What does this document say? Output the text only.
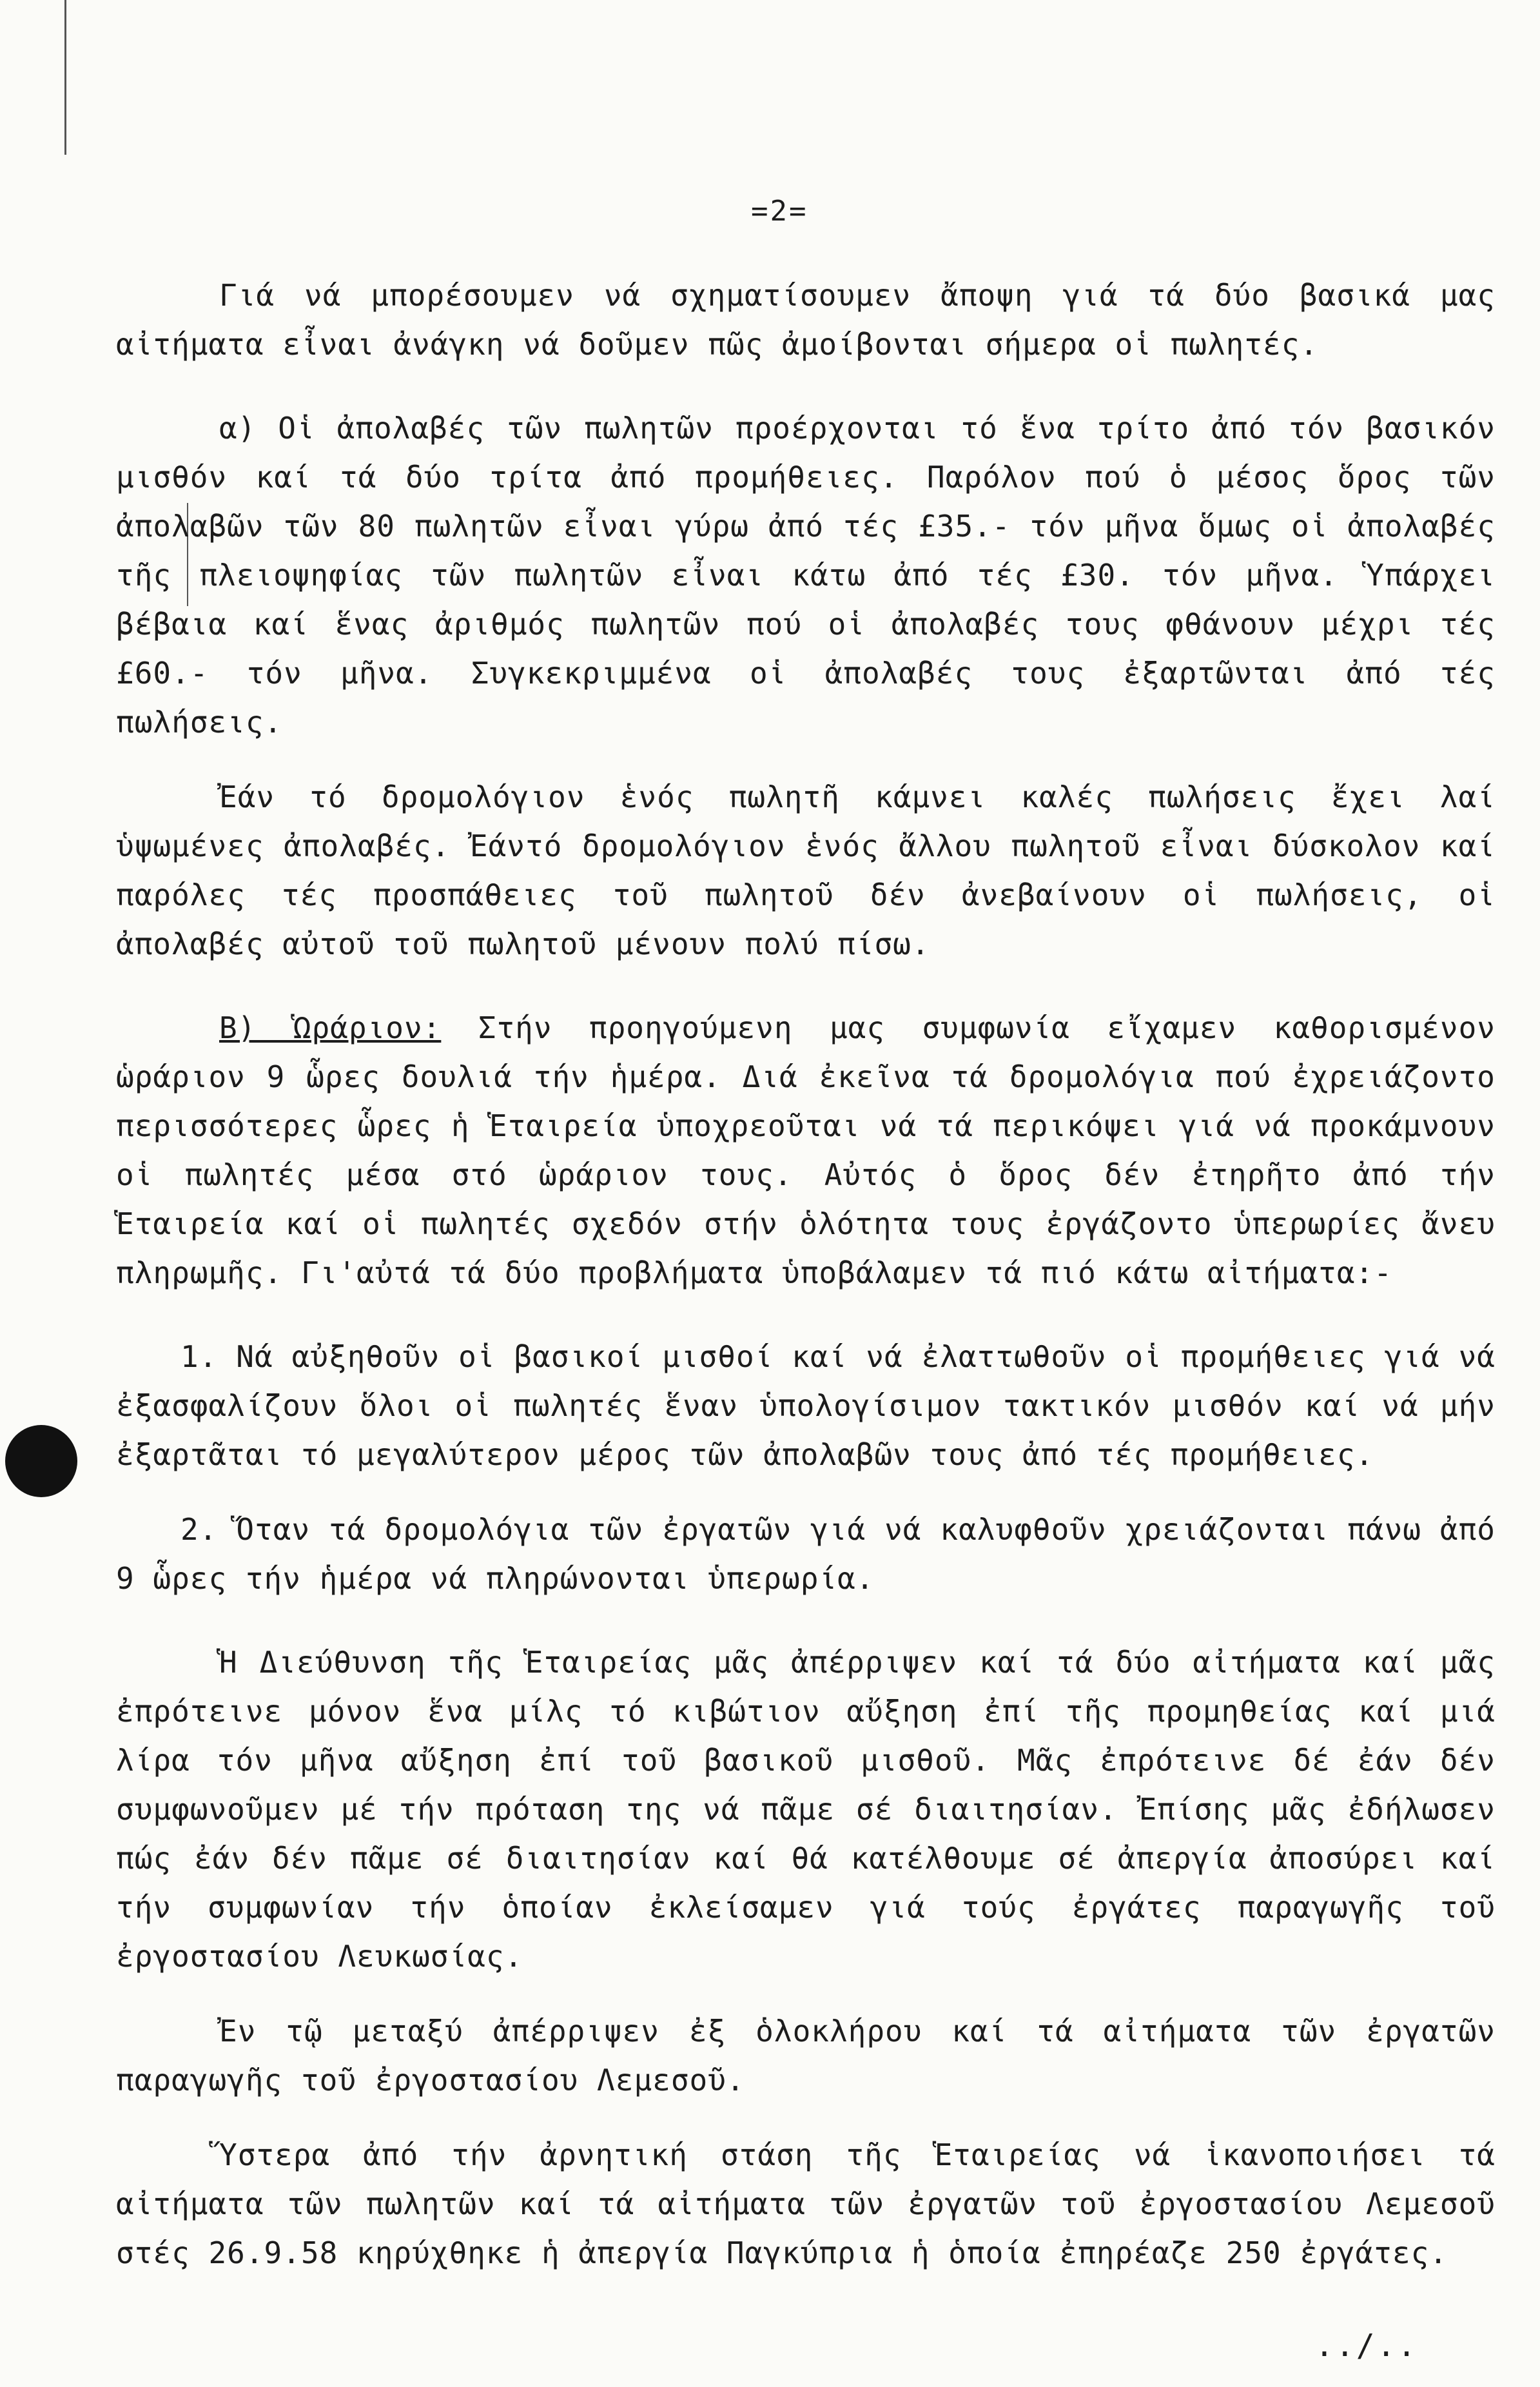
=2=

Γιά νά μπορέσουμεν νά σχηματίσουμεν ἄποψη γιά τά δύο βασικά μας αἰτήματα εἶναι ἀνάγκη νά δοῦμεν πῶς ἀμοίβονται σήμερα οἱ πωλητές.

α) Οἱ ἀπολαβές τῶν πωλητῶν προέρχονται τό ἕνα τρίτο ἀπό τόν βασικόν μισθόν καί τά δύο τρίτα ἀπό προμήθειες. Παρόλον πού ὁ μέσος ὅρος τῶν ἀπολαβῶν τῶν 80 πωλητῶν εἶναι γύρω ἀπό τές £35.- τόν μῆνα ὅμως οἱ ἀπολαβές τῆς πλειοψηφίας τῶν πωλητῶν εἶναι κάτω ἀπό τές £30. τόν μῆνα. Ὑπάρχει βέβαια καί ἕνας ἀριθμός πωλητῶν πού οἱ ἀπολαβές τους φθάνουν μέχρι τές £60.- τόν μῆνα. Συγκεκριμμένα οἱ ἀπολαβές τους ἐξαρτῶνται ἀπό τές πωλήσεις.

Ἐάν τό δρομολόγιον ἑνός πωλητῆ κάμνει καλές πωλήσεις ἔχει λαί ὑψωμένες ἀπολαβές. Ἐάντό δρομολόγιον ἑνός ἄλλου πωλητοῦ εἶναι δύσκολον καί παρόλες τές προσπάθειες τοῦ πωλητοῦ δέν ἀνεβαίνουν οἱ πωλήσεις, οἱ ἀπολαβές αὐτοῦ τοῦ πωλητοῦ μένουν πολύ πίσω.

Β) Ὡράριον: Στήν προηγούμενη μας συμφωνία εἴχαμεν καθορισμένον ὡράριον 9 ὧρες δουλιά τήν ἡμέρα. Διά ἐκεῖνα τά δρομολόγια πού ἐχρειάζοντο περισσότερες ὧρες ἡ Ἑταιρεία ὑποχρεοῦται νά τά περικόψει γιά νά προκάμνουν οἱ πωλητές μέσα στό ὡράριον τους. Αὐτός ὁ ὅρος δέν ἐτηρῆτο ἀπό τήν Ἑταιρεία καί οἱ πωλητές σχεδόν στήν ὁλότητα τους ἐργάζοντο ὑπερωρίες ἄνευ πληρωμῆς. Γι'αὐτά τά δύο προβλήματα ὑποβάλαμεν τά πιό κάτω αἰτήματα:-

1. Νά αὐξηθοῦν οἱ βασικοί μισθοί καί νά ἐλαττωθοῦν οἱ προμήθειες γιά νά ἐξασφαλίζουν ὅλοι οἱ πωλητές ἕναν ὑπολογίσιμον τακτικόν μισθόν καί νά μήν ἐξαρτᾶται τό μεγαλύτερον μέρος τῶν ἀπολαβῶν τους ἀπό τές προμήθειες.

2. Ὅταν τά δρομολόγια τῶν ἐργατῶν γιά νά καλυφθοῦν χρειάζονται πάνω ἀπό 9 ὧρες τήν ἡμέρα νά πληρώνονται ὑπερωρία.

Ἡ Διεύθυνση τῆς Ἑταιρείας μᾶς ἀπέρριψεν καί τά δύο αἰτήματα καί μᾶς ἐπρότεινε μόνον ἕνα μίλς τό κιβώτιον αὔξηση ἐπί τῆς προμηθείας καί μιά λίρα τόν μῆνα αὔξηση ἐπί τοῦ βασικοῦ μισθοῦ. Μᾶς ἐπρότεινε δέ ἐάν δέν συμφωνοῦμεν μέ τήν πρόταση της νά πᾶμε σέ διαιτησίαν. Ἐπίσης μᾶς ἐδήλωσεν πώς ἐάν δέν πᾶμε σέ διαιτησίαν καί θά κατέλθουμε σέ ἀπεργία ἀποσύρει καί τήν συμφωνίαν τήν ὁποίαν ἐκλείσαμεν γιά τούς ἐργάτες παραγωγῆς τοῦ ἐργοστασίου Λευκωσίας.

Ἐν τῷ μεταξύ ἀπέρριψεν ἐξ ὁλοκλήρου καί τά αἰτήματα τῶν ἐργατῶν παραγωγῆς τοῦ ἐργοστασίου Λεμεσοῦ.

Ὕστερα ἀπό τήν ἀρνητική στάση τῆς Ἑταιρείας νά ἱκανοποιήσει τά αἰτήματα τῶν πωλητῶν καί τά αἰτήματα τῶν ἐργατῶν τοῦ ἐργοστασίου Λεμεσοῦ στές 26.9.58 κηρύχθηκε ἡ ἀπεργία Παγκύπρια ἡ ὁποία ἐπηρέαζε 250 ἐργάτες.

../..
